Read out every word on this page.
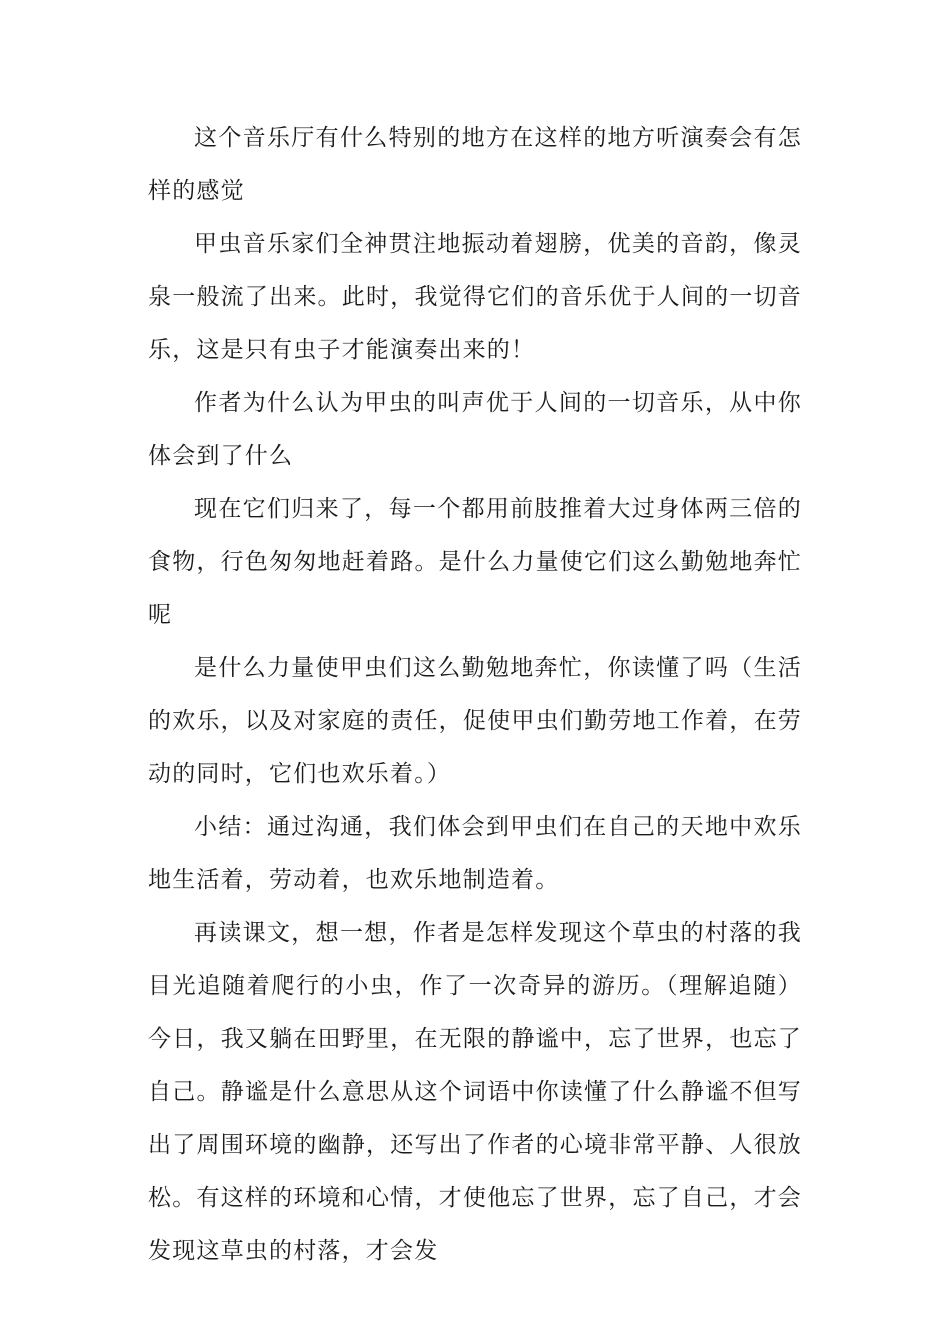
这个音乐厅有什么特别的地方在这样的地方听演奏会有怎样的感觉

甲虫音乐家们全神贯注地振动着翅膀，优美的音韵，像灵泉一般流了出来。此时，我觉得它们的音乐优于人间的一切音乐，这是只有虫子才能演奏出来的！

作者为什么认为甲虫的叫声优于人间的一切音乐，从中你体会到了什么

现在它们归来了，每一个都用前肢推着大过身体两三倍的食物，行色匆匆地赶着路。是什么力量使它们这么勤勉地奔忙呢

是什么力量使甲虫们这么勤勉地奔忙，你读懂了吗（生活的欢乐，以及对家庭的责任，促使甲虫们勤劳地工作着，在劳动的同时，它们也欢乐着。）

小结：通过沟通，我们体会到甲虫们在自己的天地中欢乐地生活着，劳动着，也欢乐地制造着。

再读课文，想一想，作者是怎样发现这个草虫的村落的我目光追随着爬行的小虫，作了一次奇异的游历。（理解追随）今日，我又躺在田野里，在无限的静谧中，忘了世界，也忘了自己。静谧是什么意思从这个词语中你读懂了什么静谧不但写出了周围环境的幽静，还写出了作者的心境非常平静、人很放松。有这样的环境和心情，才使他忘了世界，忘了自己，才会发现这草虫的村落，才会发
